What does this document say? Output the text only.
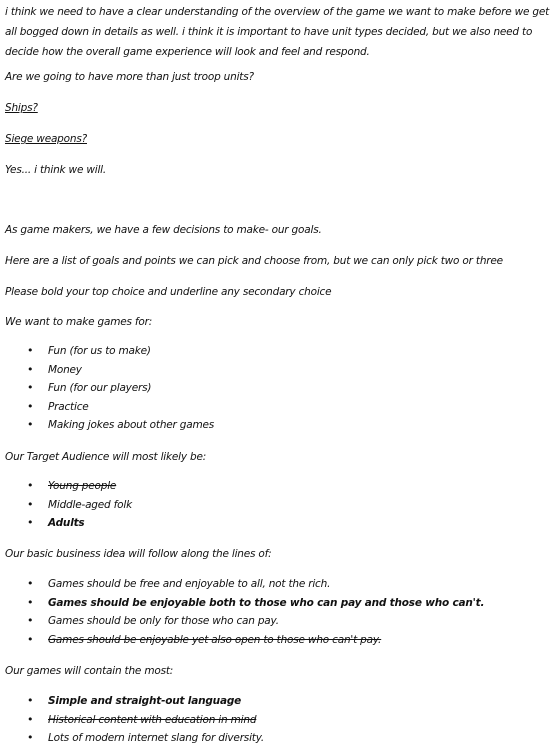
i think we need to have a clear understanding of the overview of the game we want to make before we get all bogged down in details as well. i think it is important to have unit types decided, but we also need to decide how the overall game experience will look and feel and respond.

Are we going to have more than just troop units?

Ships?

Siege weapons?

Yes... i think we will.

As game makers, we have a few decisions to make- our goals.

Here are a list of goals and points we can pick and choose from, but we can only pick two or three

Please bold your top choice and underline any secondary choice

We want to make games for:

• Fun (for us to make)
• Money
• Fun (for our players)
• Practice
• Making jokes about other games

Our Target Audience will most likely be:

• Young people
• Middle-aged folk
• Adults

Our basic business idea will follow along the lines of:

• Games should be free and enjoyable to all, not the rich.
• Games should be enjoyable both to those who can pay and those who can't.
• Games should be only for those who can pay.
• Games should be enjoyable yet also open to those who can't pay.

Our games will contain the most:

• Simple and straight-out language
• Historical content with education in mind
• Lots of modern internet slang for diversity.
